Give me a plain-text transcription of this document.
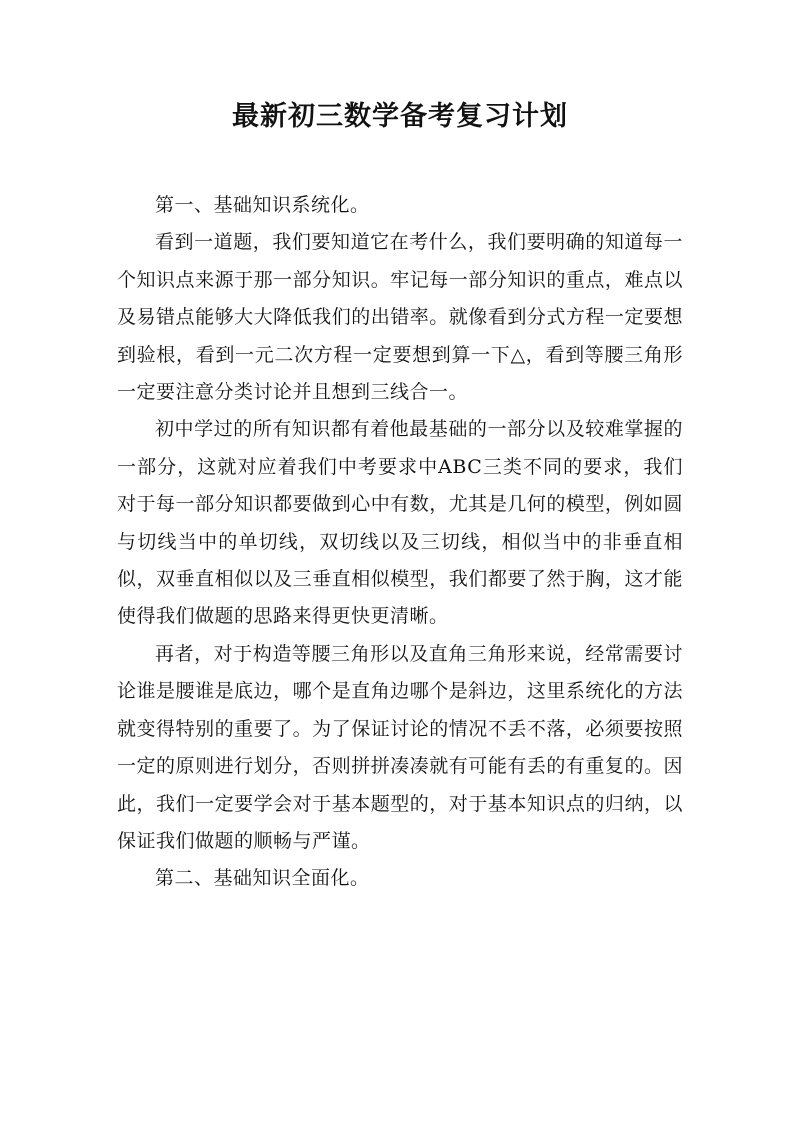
最新初三数学备考复习计划

第一、基础知识系统化。

看到一道题，我们要知道它在考什么，我们要明确的知道每一个知识点来源于那一部分知识。牢记每一部分知识的重点，难点以及易错点能够大大降低我们的出错率。就像看到分式方程一定要想到验根，看到一元二次方程一定要想到算一下△，看到等腰三角形一定要注意分类讨论并且想到三线合一。

初中学过的所有知识都有着他最基础的一部分以及较难掌握的一部分，这就对应着我们中考要求中ABC三类不同的要求，我们对于每一部分知识都要做到心中有数，尤其是几何的模型，例如圆与切线当中的单切线，双切线以及三切线，相似当中的非垂直相似，双垂直相似以及三垂直相似模型，我们都要了然于胸，这才能使得我们做题的思路来得更快更清晰。

再者，对于构造等腰三角形以及直角三角形来说，经常需要讨论谁是腰谁是底边，哪个是直角边哪个是斜边，这里系统化的方法就变得特别的重要了。为了保证讨论的情况不丢不落，必须要按照一定的原则进行划分，否则拼拼凑凑就有可能有丢的有重复的。因此，我们一定要学会对于基本题型的，对于基本知识点的归纳，以保证我们做题的顺畅与严谨。

第二、基础知识全面化。
